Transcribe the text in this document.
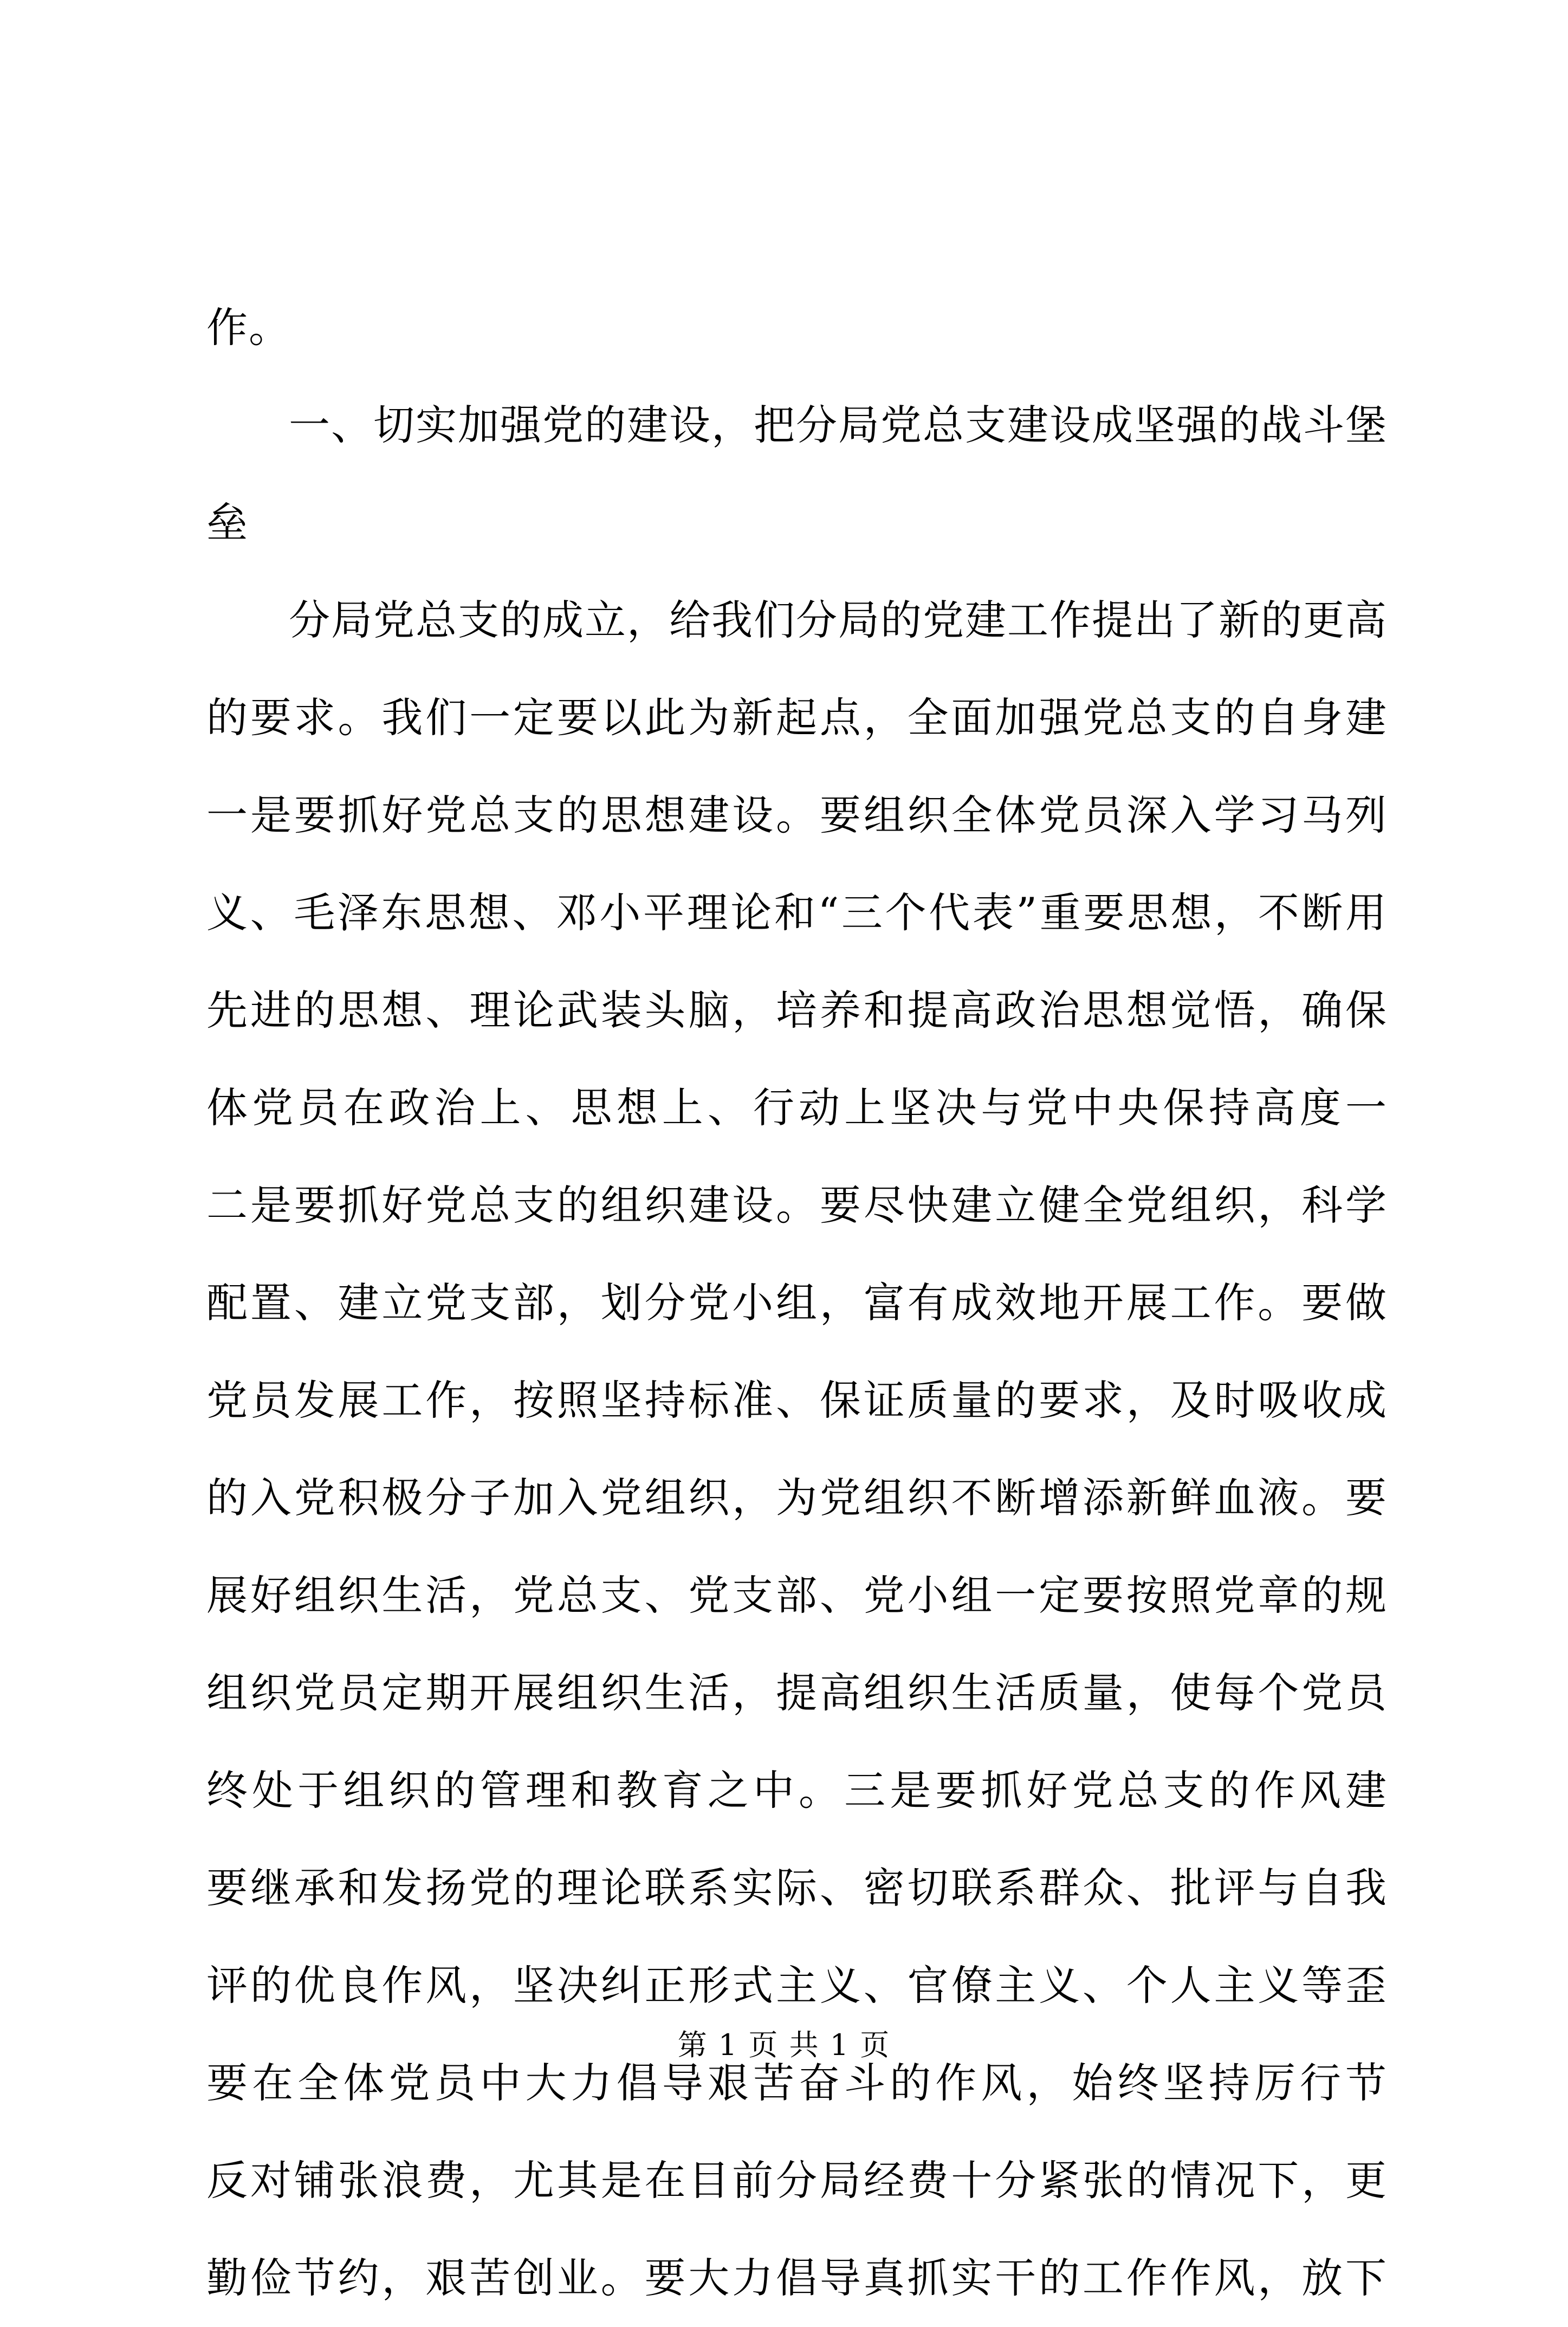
作。
一、切实加强党的建设，把分局党总支建设成坚强的战斗堡
垒
分局党总支的成立，给我们分局的党建工作提出了新的更高
的要求。我们一定要以此为新起点，全面加强党总支的自身建
一是要抓好党总支的思想建设。要组织全体党员深入学习马列
义、毛泽东思想、邓小平理论和“三个代表”重要思想，不断用
先进的思想、理论武装头脑，培养和提高政治思想觉悟，确保
体党员在政治上、思想上、行动上坚决与党中央保持高度一
二是要抓好党总支的组织建设。要尽快建立健全党组织，科学
配置、建立党支部，划分党小组，富有成效地开展工作。要做
党员发展工作，按照坚持标准、保证质量的要求，及时吸收成
的入党积极分子加入党组织，为党组织不断增添新鲜血液。要
展好组织生活，党总支、党支部、党小组一定要按照党章的规
组织党员定期开展组织生活，提高组织生活质量，使每个党员
终处于组织的管理和教育之中。三是要抓好党总支的作风建
要继承和发扬党的理论联系实际、密切联系群众、批评与自我
评的优良作风，坚决纠正形式主义、官僚主义、个人主义等歪
要在全体党员中大力倡导艰苦奋斗的作风，始终坚持厉行节
反对铺张浪费，尤其是在目前分局经费十分紧张的情况下，更
勤俭节约，艰苦创业。要大力倡导真抓实干的工作作风，放下
第 1 页 共 1 页
